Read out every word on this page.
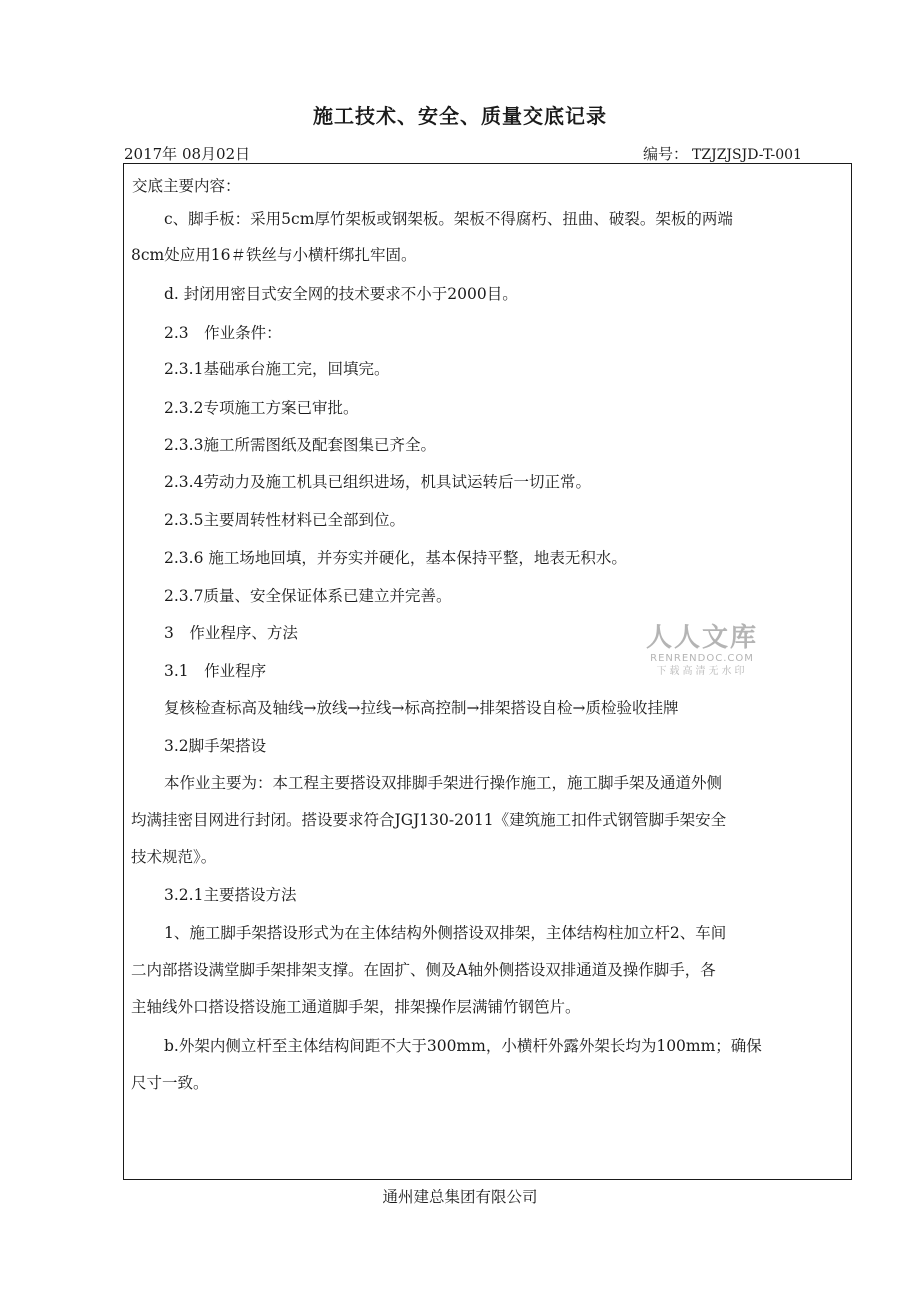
施工技术、安全、质量交底记录
2017年 08月02日	编号： TZJZJSJD-T-001
交底主要内容：
c、脚手板：采用5cm厚竹架板或钢架板。架板不得腐朽、扭曲、破裂。架板的两端
8cm处应用16＃铁丝与小横杆绑扎牢固。
d. 封闭用密目式安全网的技术要求不小于2000目。
2.3　作业条件：
2.3.1基础承台施工完，回填完。
2.3.2专项施工方案已审批。
2.3.3施工所需图纸及配套图集已齐全。
2.3.4劳动力及施工机具已组织进场，机具试运转后一切正常。
2.3.5主要周转性材料已全部到位。
2.3.6 施工场地回填，并夯实并硬化，基本保持平整，地表无积水。
2.3.7质量、安全保证体系已建立并完善。
3　作业程序、方法
3.1　作业程序
复核检查标高及轴线→放线→拉线→标高控制→排架搭设自检→质检验收挂牌
3.2脚手架搭设
本作业主要为：本工程主要搭设双排脚手架进行操作施工，施工脚手架及通道外侧
均满挂密目网进行封闭。搭设要求符合JGJ130-2011《建筑施工扣件式钢管脚手架安全
技术规范》。
3.2.1主要搭设方法
1、施工脚手架搭设形式为在主体结构外侧搭设双排架，主体结构柱加立杆2、车间
二内部搭设满堂脚手架排架支撑。在固扩、侧及A轴外侧搭设双排通道及操作脚手，各
主轴线外口搭设搭设施工通道脚手架，排架操作层满铺竹钢笆片。
b.外架内侧立杆至主体结构间距不大于300mm，小横杆外露外架长均为100mm；确保
尺寸一致。
人人文库
RENRENDOC.COM
下载高清无水印
通州建总集团有限公司
